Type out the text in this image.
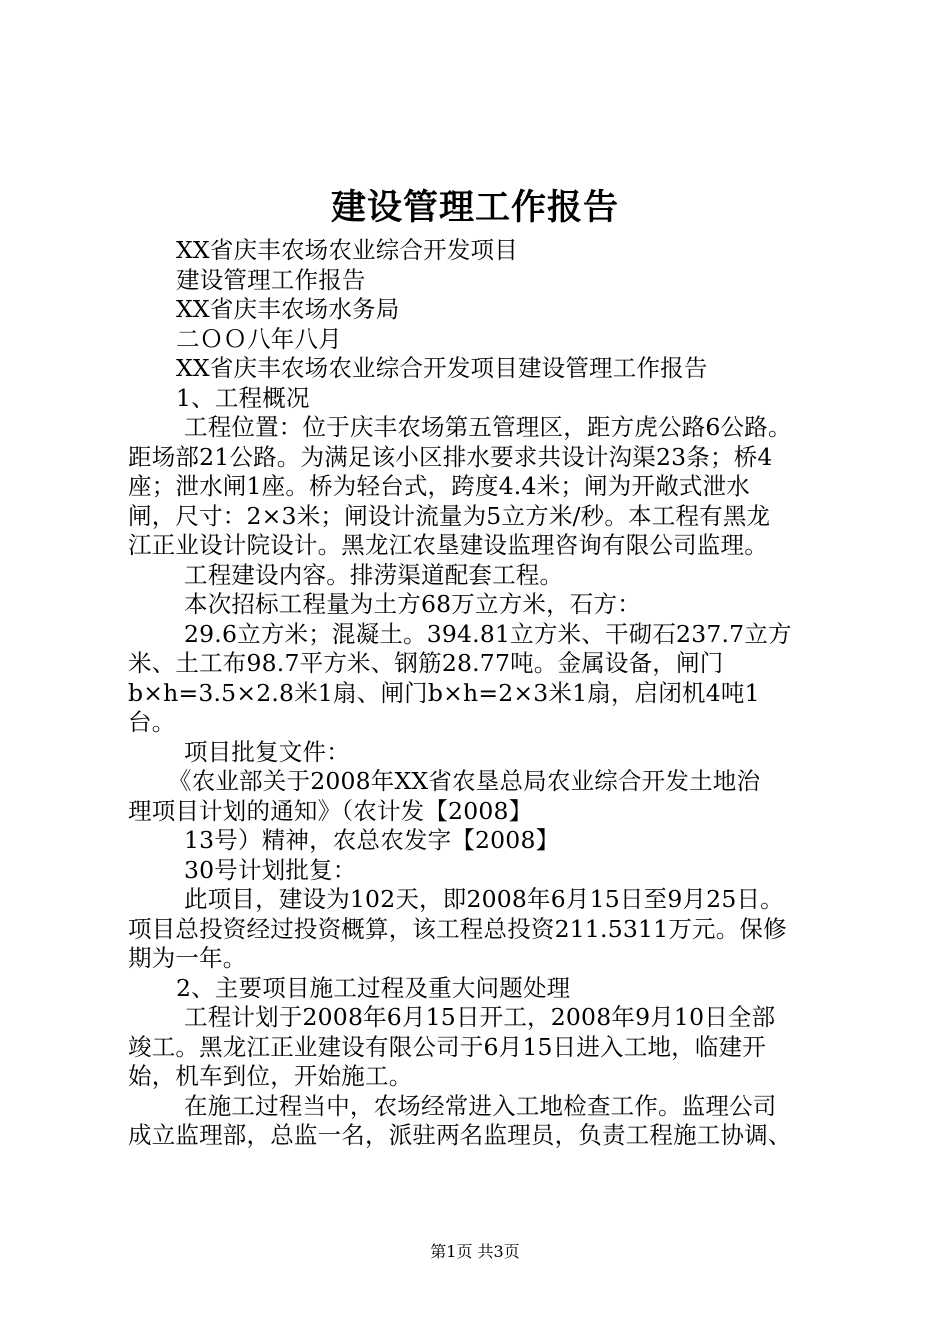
建设管理工作报告
XX省庆丰农场农业综合开发项目
建设管理工作报告
XX省庆丰农场水务局
二ＯＯ八年八月
XX省庆丰农场农业综合开发项目建设管理工作报告
1、工程概况
工程位置：位于庆丰农场第五管理区，距方虎公路6公路。
距场部21公路。为满足该小区排水要求共设计沟渠23条；桥4
座；泄水闸1座。桥为轻台式，跨度4.4米；闸为开敞式泄水
闸，尺寸：2×3米；闸设计流量为5立方米/秒。本工程有黑龙
江正业设计院设计。黑龙江农垦建设监理咨询有限公司监理。
工程建设内容。排涝渠道配套工程。
本次招标工程量为土方68万立方米，石方：
29.6立方米；混凝土。394.81立方米、干砌石237.7立方
米、土工布98.7平方米、钢筋28.77吨。金属设备，闸门
b×h=3.5×2.8米1扇、闸门b×h=2×3米1扇，启闭机4吨1
台。
项目批复文件：
《农业部关于2008年XX省农垦总局农业综合开发土地治
理项目计划的通知》（农计发【2008】
13号）精神，农总农发字【2008】
30号计划批复：
此项目，建设为102天，即2008年6月15日至9月25日。
项目总投资经过投资概算，该工程总投资211.5311万元。保修
期为一年。
2、主要项目施工过程及重大问题处理
工程计划于2008年6月15日开工，2008年9月10日全部
竣工。黑龙江正业建设有限公司于6月15日进入工地，临建开
始，机车到位，开始施工。
在施工过程当中，农场经常进入工地检查工作。监理公司
成立监理部，总监一名，派驻两名监理员，负责工程施工协调、
第1页 共3页
